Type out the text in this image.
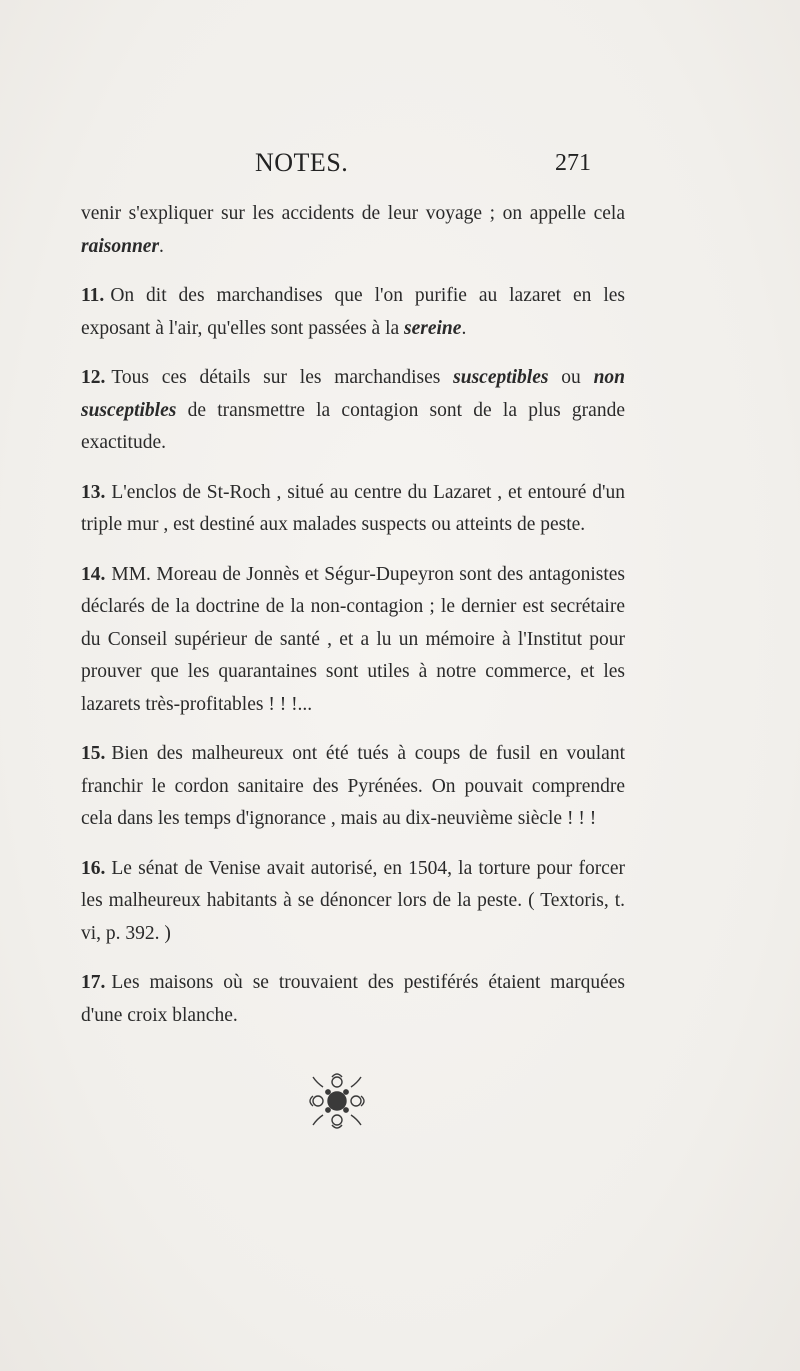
NOTES.	271

venir s'expliquer sur les accidents de leur voyage ; on appelle cela raisonner.

11. On dit des marchandises que l'on purifie au lazaret en les exposant à l'air, qu'elles sont passées à la sereine.

12. Tous ces détails sur les marchandises susceptibles ou non susceptibles de transmettre la contagion sont de la plus grande exactitude.

13. L'enclos de St-Roch , situé au centre du Lazaret , et entouré d'un triple mur , est destiné aux malades suspects ou atteints de peste.

14. MM. Moreau de Jonnès et Ségur-Dupeyron sont des antagonistes déclarés de la doctrine de la non-contagion ; le dernier est secrétaire du Conseil supérieur de santé , et a lu un mémoire à l'Institut pour prouver que les quarantaines sont utiles à notre commerce, et les lazarets très-profitables ! ! !...

15. Bien des malheureux ont été tués à coups de fusil en voulant franchir le cordon sanitaire des Pyrénées. On pouvait comprendre cela dans les temps d'ignorance , mais au dix-neuvième siècle ! ! !

16. Le sénat de Venise avait autorisé, en 1504, la torture pour forcer les malheureux habitants à se dénoncer lors de la peste. ( Textoris, t. vi, p. 392. )

17. Les maisons où se trouvaient des pestiférés étaient marquées d'une croix blanche.
